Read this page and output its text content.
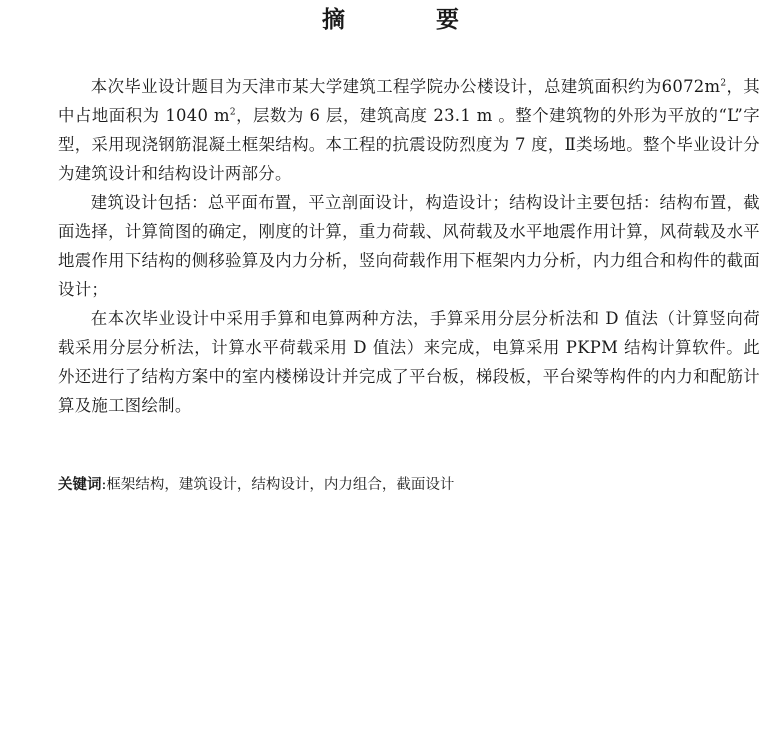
摘　要

本次毕业设计题目为天津市某大学建筑工程学院办公楼设计，总建筑面积约为$6072m^2$，其中占地面积为 1040 $m^2$，层数为 6 层，建筑高度 23.1 m 。整个建筑物的外形为平放的“L”字型，采用现浇钢筋混凝土框架结构。本工程的抗震设防烈度为 7 度，Ⅱ类场地。整个毕业设计分为建筑设计和结构设计两部分。

建筑设计包括：总平面布置，平立剖面设计，构造设计；结构设计主要包括：结构布置，截面选择，计算简图的确定，刚度的计算，重力荷载、风荷载及水平地震作用计算，风荷载及水平地震作用下结构的侧移验算及内力分析，竖向荷载作用下框架内力分析，内力组合和构件的截面设计；

在本次毕业设计中采用手算和电算两种方法，手算采用分层分析法和 D 值法（计算竖向荷载采用分层分析法，计算水平荷载采用 D 值法）来完成，电算采用 PKPM 结构计算软件。此外还进行了结构方案中的室内楼梯设计并完成了平台板，梯段板，平台梁等构件的内力和配筋计算及施工图绘制。

关键词:框架结构，建筑设计，结构设计，内力组合，截面设计
